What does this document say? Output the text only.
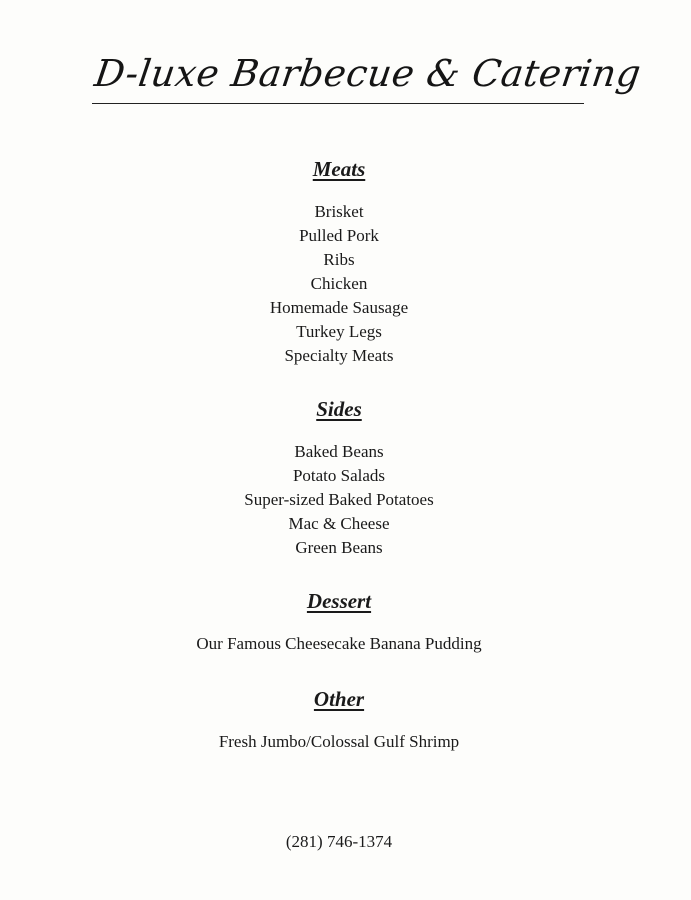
D-luxe Barbecue & Catering
Meats
Brisket
Pulled Pork
Ribs
Chicken
Homemade Sausage
Turkey Legs
Specialty Meats
Sides
Baked Beans
Potato Salads
Super-sized Baked Potatoes
Mac & Cheese
Green Beans
Dessert
Our Famous Cheesecake Banana Pudding
Other
Fresh Jumbo/Colossal Gulf Shrimp
(281) 746-1374
